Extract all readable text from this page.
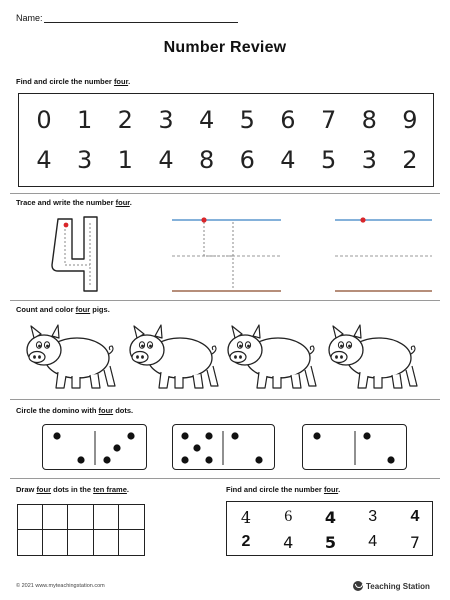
Name:
Number Review
Find and circle the number four.
0	1	2	3	4	5	6	7	8	9
4	3	1	4	8	6	4	5	3	2
Trace and write the number four.
Count and color four pigs.
Circle the domino with four dots.
Draw four dots in the ten frame.	Find and circle the number four.
4	6	4	3	4
2	4	5	4	7
© 2021 www.myteachingstation.com	Teaching Station
